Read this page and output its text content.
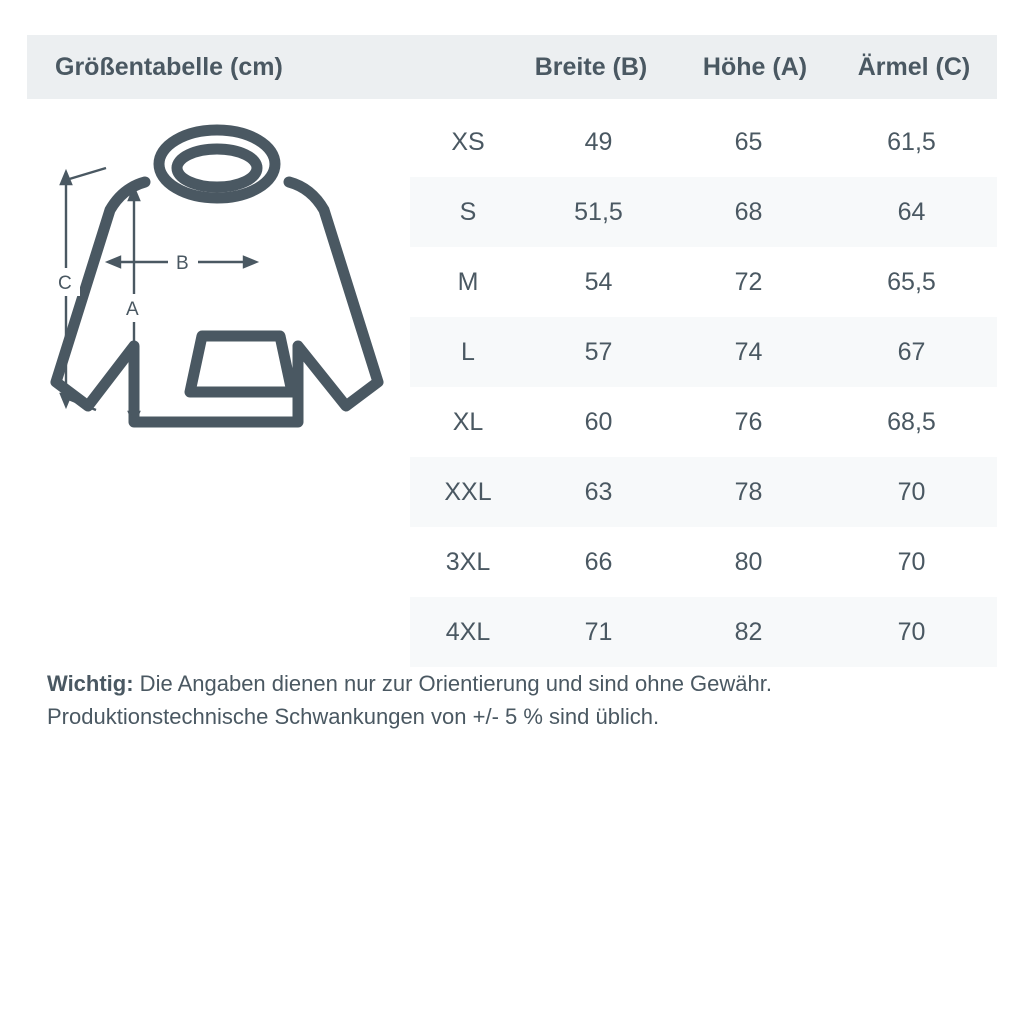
Größentabelle (cm)	Breite (B)	Höhe (A)	Ärmel (C)
B
A
C
XS	49	65	61,5
S	51,5	68	64
M	54	72	65,5
L	57	74	67
XL	60	76	68,5
XXL	63	78	70
3XL	66	80	70
4XL	71	82	70
Wichtig: Die Angaben dienen nur zur Orientierung und sind ohne Gewähr. Produktionstechnische Schwankungen von +/- 5 % sind üblich.
